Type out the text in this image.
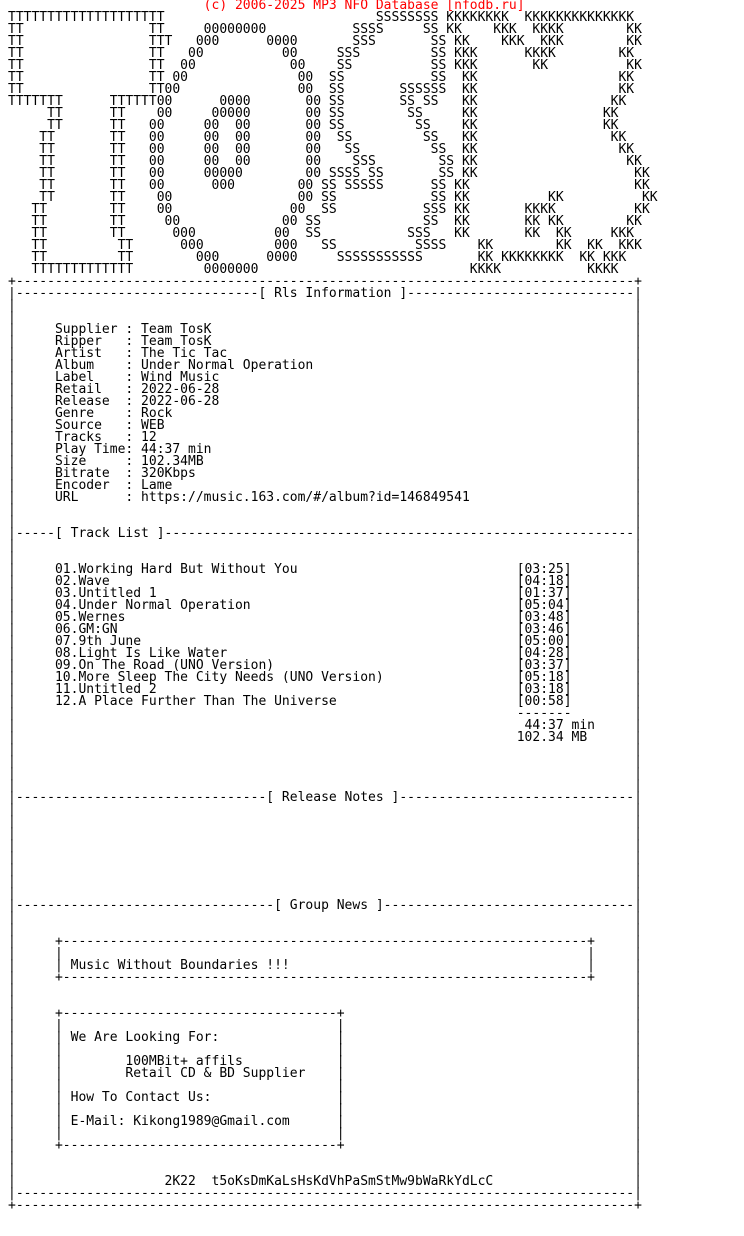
(c) 2006-2025 MP3 NFO Database [nfodb.ru]
TTTTTTTTTTTTTTTTTTTT                           SSSSSSSS KKKKKKKK  KKKKKKKKKKKKKK
TT                TT     00000000           SSSS     SS KK    KKK  KKKK        KK
TT                TTT   000      0000       SSS       SS KK    KKK  KKK        KK
TT                TT   00          00     SSS         SS KKK      KKKK        KK
TT                TT  00            00    SS          SS KKK       KK          KK
TT                TT 00              00  SS           SS  KK                  KK
TT                TT00               00  SS       SSSSSS  KK                  KK
TTTTTTT      TTTTTT00      0000       00 SS       SS SS   KK                 KK
TT      TT    00     00000       00 SS        SS     KK                KK
TT      TT   00     00  00       00 SS         SS    KK                KK
TT       TT   00     00  00       00  SS         SS   KK                 KK
TT       TT   00     00  00       00   SS         SS  KK                  KK
TT       TT   00     00  00       00    SSS        SS KK                   KK
TT       TT   00     00000        00 SSSS SS       SS KK                    KK
TT       TT   00      000        00 SS SSSSS      SS KK                     KK
TT       TT    00                00 SS            SS KK          KK          KK
TT        TT    00               00  SS           SSS KK       KKKK          KK
TT        TT     00             00 SS             SS  KK       KK KK        KK
TT        TT      000          00  SS           SSS   KK       KK  KK     KKK
TT         TT      000         000   SS          SSSS    KK        KK  KK  KKK
TT         TT        000      0000     SSSSSSSSSSS       KK KKKKKKKK  KK KKK
TTTTTTTTTTTTT         0000000                           KKKK           KKKK
+-------------------------------------------------------------------------------+
|-------------------------------[ Rls Information ]-----------------------------|
|                                                                               |
|                                                                               |
|     Supplier : Team TosK                                                      |
|     Ripper   : Team TosK                                                      |
|     Artist   : The Tic Tac                                                    |
|     Album    : Under Normal Operation                                         |
|     Label    : Wind Music                                                     |
|     Retail   : 2022-06-28                                                     |
|     Release  : 2022-06-28                                                     |
|     Genre    : Rock                                                           |
|     Source   : WEB                                                            |
|     Tracks   : 12                                                             |
|     Play Time: 44:37 min                                                      |
|     Size     : 102.34MB                                                       |
|     Bitrate  : 320Kbps                                                        |
|     Encoder  : Lame                                                           |
|     URL      : https://music.163.com/#/album?id=146849541                     |
|                                                                               |
|                                                                               |
|-----[ Track List ]------------------------------------------------------------|
|                                                                               |
|                                                                               |
|     01.Working Hard But Without You                            [03:25]        |
|     02.Wave                                                    [04:18]        |
|     03.Untitled 1                                              [01:37]        |
|     04.Under Normal Operation                                  [05:04]        |
|     05.Wernes                                                  [03:48]        |
|     06.GM:GN                                                   [03:46]        |
|     07.9th June                                                [05:00]        |
|     08.Light Is Like Water                                     [04:28]        |
|     09.On The Road (UNO Version)                               [03:37]        |
|     10.More Sleep The City Needs (UNO Version)                 [05:18]        |
|     11.Untitled 2                                              [03:18]        |
|     12.A Place Further Than The Universe                       [00:58]        |
|                                                                -------        |
|                                                                 44:37 min     |
|                                                                102.34 MB      |
|                                                                               |
|                                                                               |
|                                                                               |
|                                                                               |
|--------------------------------[ Release Notes ]------------------------------|
|                                                                               |
|                                                                               |
|                                                                               |
|                                                                               |
|                                                                               |
|                                                                               |
|                                                                               |
|                                                                               |
|---------------------------------[ Group News ]--------------------------------|
|                                                                               |
|                                                                               |
|     +-------------------------------------------------------------------+     |
|     |                                                                   |     |
|     | Music Without Boundaries !!!                                      |     |
|     +-------------------------------------------------------------------+     |
|                                                                               |
|                                                                               |
|     +-----------------------------------+                                     |
|     |                                   |                                     |
|     | We Are Looking For:               |                                     |
|     |                                   |                                     |
|     |        100MBit+ affils            |                                     |
|     |        Retail CD & BD Supplier    |                                     |
|     |                                   |                                     |
|     | How To Contact Us:                |                                     |
|     |                                   |                                     |
|     | E-Mail: Kikong1989@Gmail.com      |                                     |
|     |                                   |                                     |
|     +-----------------------------------+                                     |
|                                                                               |
|                                                                               |
|                   2K22  t5oKsDmKaLsHsKdVhPaSmStMw9bWaRkYdLcC                  |
|-------------------------------------------------------------------------------|
+-------------------------------------------------------------------------------+
